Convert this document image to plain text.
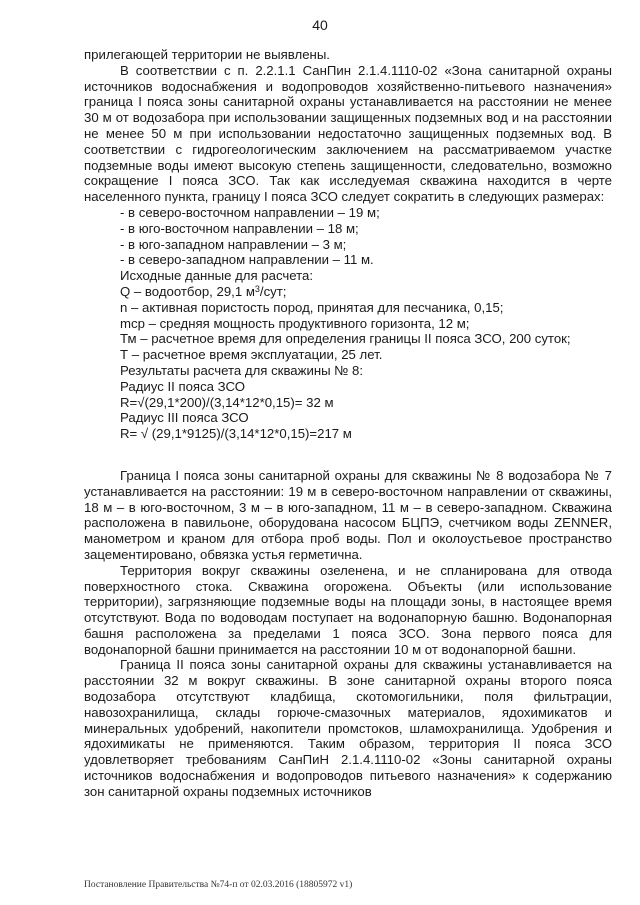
40

прилегающей территории не выявлены.

В соответствии с п. 2.2.1.1 СанПин 2.1.4.1110-02 «Зона санитарной охраны источников водоснабжения и водопроводов хозяйственно-питьевого назначения» граница I пояса зоны санитарной охраны устанавливается на расстоянии не менее 30 м от водозабора при использовании защищенных подземных вод и на расстоянии не менее 50 м при использовании недостаточно защищенных подземных вод. В соответствии с гидрогеологическим заключением на рассматриваемом участке подземные воды имеют высокую степень защищенности, следовательно, возможно сокращение I пояса ЗСО. Так как исследуемая скважина находится в черте населенного пункта, границу I пояса ЗСО следует сократить в следующих размерах:

- в северо-восточном направлении – 19 м;

- в юго-восточном направлении – 18 м;

- в юго-западном направлении – 3 м;

- в северо-западном направлении – 11 м.

Исходные данные для расчета:

Q – водоотбор, 29,1 $м^3$/сут;

n – активная пористость пород, принятая для песчаника, 0,15;

mср – средняя мощность продуктивного горизонта, 12 м;

Тм – расчетное время для определения границы II пояса ЗСО, 200 суток;

Т – расчетное время эксплуатации, 25 лет.

Результаты расчета для скважины № 8:

Радиус II пояса ЗСО

R=√(29,1*200)/(3,14*12*0,15)= 32 м

Радиус III пояса ЗСО

R= √ (29,1*9125)/(3,14*12*0,15)=217 м

Граница I пояса зоны санитарной охраны для скважины № 8 водозабора № 7 устанавливается на расстоянии: 19 м в северо-восточном направлении от скважины, 18 м – в юго-восточном, 3 м – в юго-западном, 11 м – в северо-западном. Скважина расположена в павильоне, оборудована насосом БЦПЭ, счетчиком воды ZENNER, манометром и краном для отбора проб воды. Пол и околоустьевое пространство зацементировано, обвязка устья герметична.

Территория вокруг скважины озеленена, и не спланирована для отвода поверхностного стока. Скважина огорожена. Объекты (или использование территории), загрязняющие подземные воды на площади зоны, в настоящее время отсутствуют. Вода по водоводам поступает на водонапорную башню. Водонапорная башня расположена за пределами 1 пояса ЗСО. Зона первого пояса для водонапорной башни принимается на расстоянии 10 м от водонапорной башни.

Граница II пояса зоны санитарной охраны для скважины устанавливается на расстоянии 32 м вокруг скважины. В зоне санитарной охраны второго пояса водозабора отсутствуют кладбища, скотомогильники, поля фильтрации, навозохранилища, склады горюче-смазочных материалов, ядохимикатов и минеральных удобрений, накопители промстоков, шламохранилища. Удобрения и ядохимикаты не применяются. Таким образом, территория II пояса ЗСО удовлетворяет требованиям СанПиН 2.1.4.1110-02 «Зоны санитарной охраны источников водоснабжения и водопроводов питьевого назначения» к содержанию зон санитарной охраны подземных источников

Постановление Правительства №74-п от 02.03.2016 (18805972 v1)
